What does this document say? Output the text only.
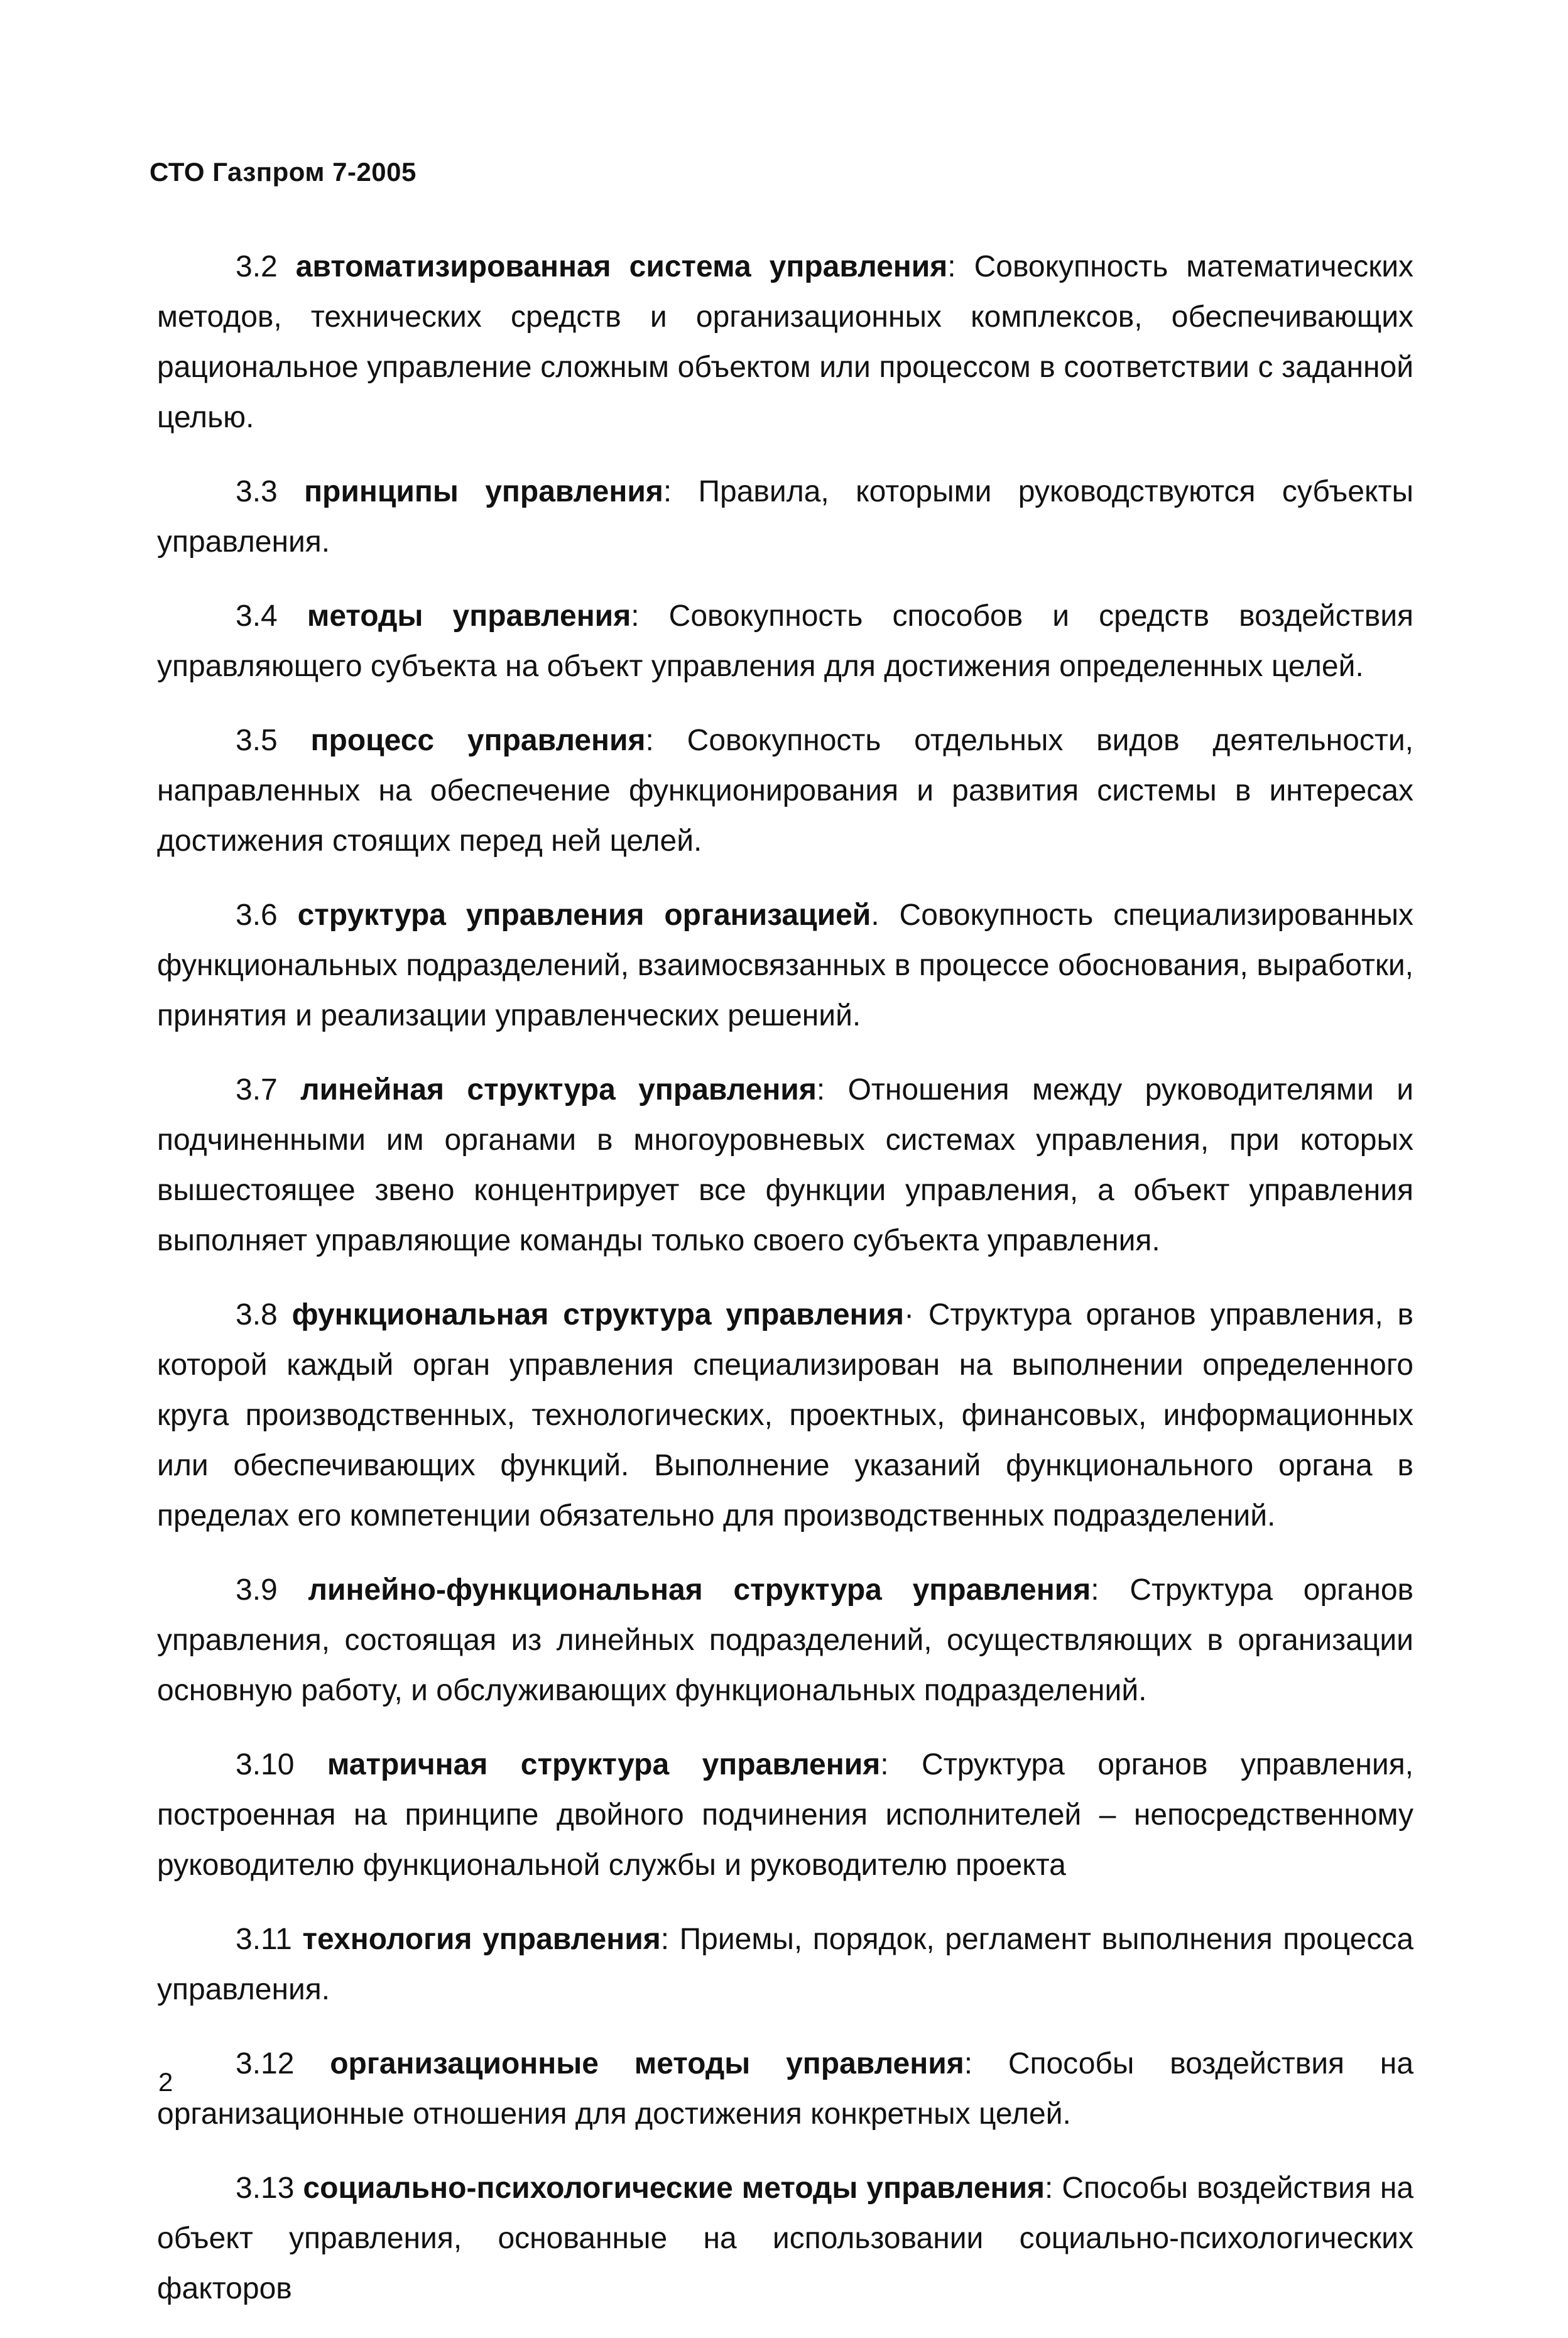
СТО Газпром 7-2005

3.2 автоматизированная система управления: Совокупность математических методов, технических средств и организационных комплексов, обеспечивающих рациональное управление сложным объектом или процессом в соответствии с заданной целью.

3.3 принципы управления: Правила, которыми руководствуются субъекты управления.

3.4 методы управления: Совокупность способов и средств воздействия управляющего субъекта на объект управления для достижения определенных целей.

3.5 процесс управления: Совокупность отдельных видов деятельности, направленных на обеспечение функционирования и развития системы в интересах достижения стоящих перед ней целей.

3.6 структура управления организацией. Совокупность специализированных функциональных подразделений, взаимосвязанных в процессе обоснования, выработки, принятия и реализации управленческих решений.

3.7 линейная структура управления: Отношения между руководителями и подчиненными им органами в многоуровневых системах управления, при которых вышестоящее звено концентрирует все функции управления, а объект управления выполняет управляющие команды только своего субъекта управления.

3.8 функциональная структура управления· Структура органов управления, в которой каждый орган управления специализирован на выполнении определенного круга производственных, технологических, проектных, финансовых, информационных или обеспечивающих функций. Выполнение указаний функционального органа в пределах его компетенции обязательно для производственных подразделений.

3.9 линейно-функциональная структура управления: Структура органов управления, состоящая из линейных подразделений, осуществляющих в организации основную работу, и обслуживающих функциональных подразделений.

3.10 матричная структура управления: Структура органов управления, построенная на принципе двойного подчинения исполнителей – непосредственному руководителю функциональной службы и руководителю проекта

3.11 технология управления: Приемы, порядок, регламент выполнения процесса управления.

3.12 организационные методы управления: Способы воздействия на организационные отношения для достижения конкретных целей.

3.13 социально-психологические методы управления: Способы воздействия на объект управления, основанные на использовании социально-психологических факторов

2
